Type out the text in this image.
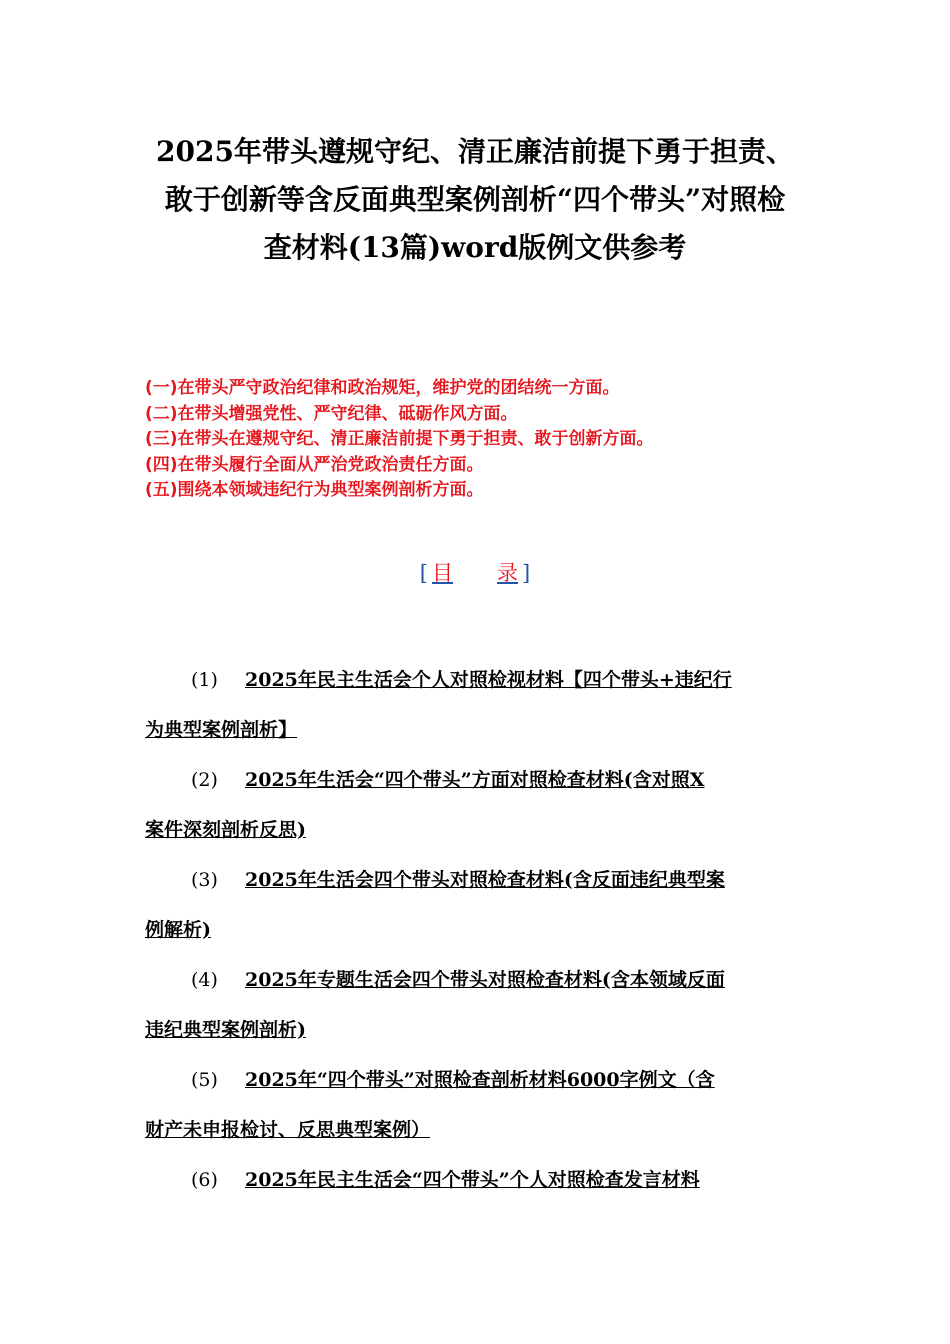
2025年带头遵规守纪、清正廉洁前提下勇于担责、
敢于创新等含反面典型案例剖析“四个带头”对照检
查材料(13篇)word版例文供参考
(一)在带头严守政治纪律和政治规矩，维护党的团结统一方面。
(二)在带头增强党性、严守纪律、砥砺作风方面。
(三)在带头在遵规守纪、清正廉洁前提下勇于担责、敢于创新方面。
(四)在带头履行全面从严治党政治责任方面。
(五)围绕本领域违纪行为典型案例剖析方面。
[ 目 录 ]
(1) 2025年民主生活会个人对照检视材料【四个带头+违纪行
为典型案例剖析】
(2) 2025年生活会“四个带头”方面对照检查材料(含对照X
案件深刻剖析反思)
(3) 2025年生活会四个带头对照检查材料(含反面违纪典型案
例解析)
(4) 2025年专题生活会四个带头对照检查材料(含本领域反面
违纪典型案例剖析)
(5) 2025年“四个带头”对照检查剖析材料6000字例文（含
财产未申报检讨、反思典型案例）
(6) 2025年民主生活会“四个带头”个人对照检查发言材料
